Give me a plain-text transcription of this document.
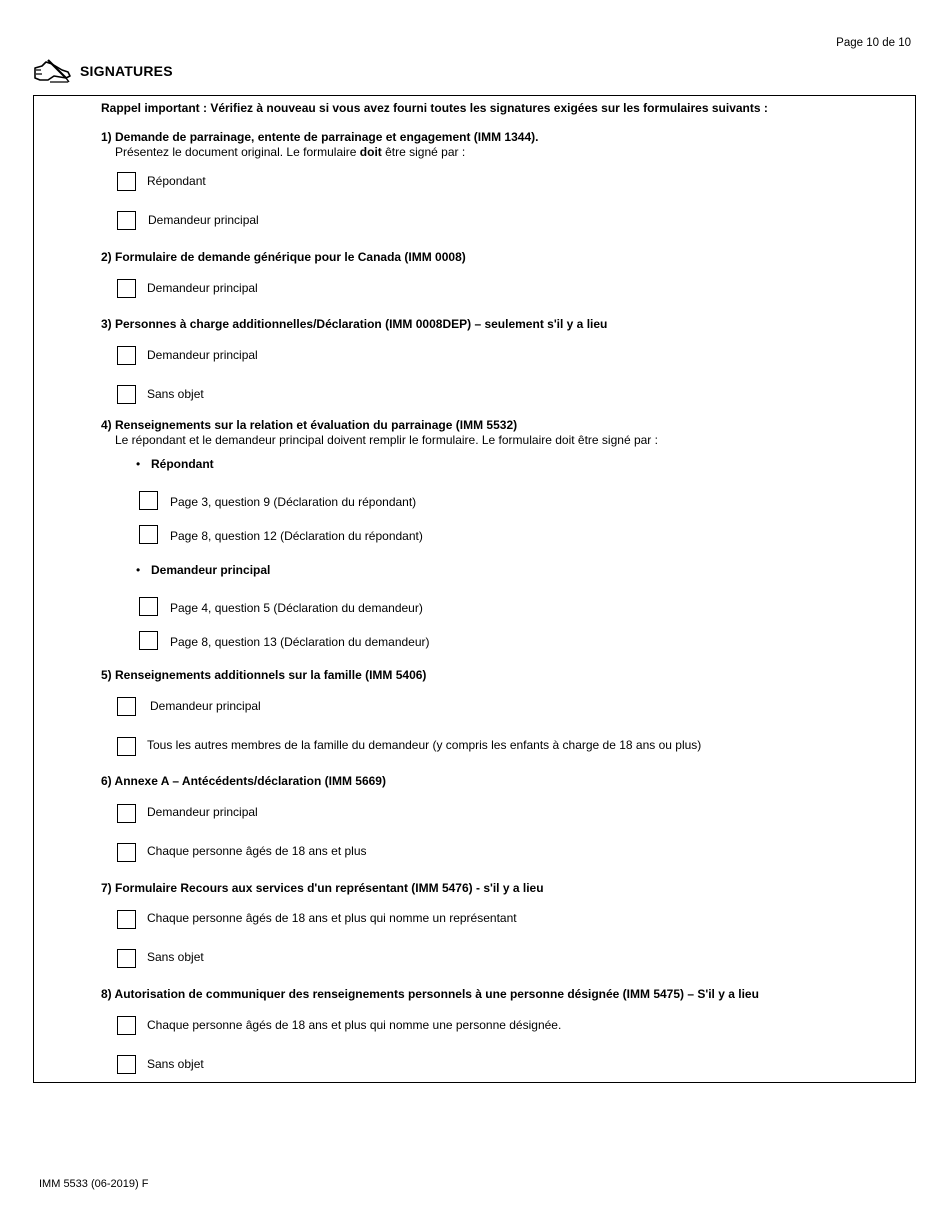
Page 10 de 10
SIGNATURES
Rappel important : Vérifiez à nouveau si vous avez fourni toutes les signatures exigées sur les formulaires suivants :
1) Demande de parrainage, entente de parrainage et engagement (IMM 1344).
Présentez le document original. Le formulaire doit être signé par :
Répondant
Demandeur principal
2) Formulaire de demande générique pour le Canada (IMM 0008)
Demandeur principal
3) Personnes à charge additionnelles/Déclaration (IMM 0008DEP) – seulement s'il y a lieu
Demandeur principal
Sans objet
4) Renseignements sur la relation et évaluation du parrainage (IMM 5532)
Le répondant et le demandeur principal doivent remplir le formulaire. Le formulaire doit être signé par :
• Répondant
Page 3, question 9 (Déclaration du répondant)
Page 8, question 12 (Déclaration du répondant)
• Demandeur principal
Page 4, question 5 (Déclaration du demandeur)
Page 8, question 13 (Déclaration du demandeur)
5) Renseignements additionnels sur la famille (IMM 5406)
Demandeur principal
Tous les autres membres de la famille du demandeur (y compris les enfants à charge de 18 ans ou plus)
6) Annexe A – Antécédents/déclaration (IMM 5669)
Demandeur principal
Chaque personne âgés de 18 ans et plus
7) Formulaire Recours aux services d'un représentant (IMM 5476) - s'il y a lieu
Chaque personne âgés de 18 ans et plus qui nomme un représentant
Sans objet
8) Autorisation de communiquer des renseignements personnels à une personne désignée (IMM 5475) – S'il y a lieu
Chaque personne âgés de 18 ans et plus qui nomme une personne désignée.
Sans objet
IMM 5533 (06-2019) F
